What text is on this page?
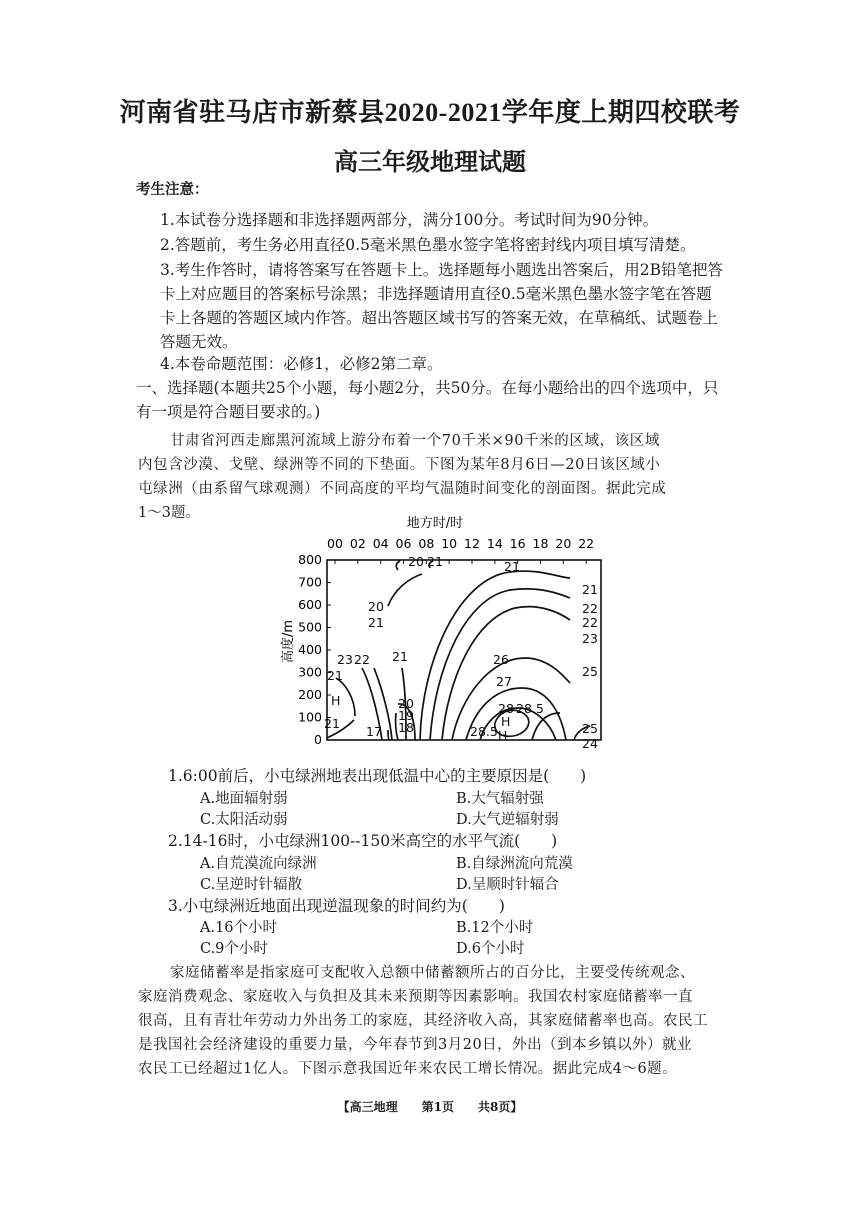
河南省驻马店市新蔡县2020-2021学年度上期四校联考
高三年级地理试题
考生注意：
1.本试卷分选择题和非选择题两部分，满分100分。考试时间为90分钟。
2.答题前，考生务必用直径0.5毫米黑色墨水签字笔将密封线内项目填写清楚。
3.考生作答时，请将答案写在答题卡上。选择题每小题选出答案后，用2B铅笔把答
卡上对应题目的答案标号涂黑；非选择题请用直径0.5毫米黑色墨水签字笔在答题
卡上各题的答题区域内作答。超出答题区域书写的答案无效，在草稿纸、试题卷上
答题无效。
4.本卷命题范围：必修1，必修2第二章。
一、选择题(本题共25个小题，每小题2分，共50分。在每小题给出的四个选项中，只
有一项是符合题目要求的。)
甘肃省河西走廊黑河流域上游分布着一个70千米×90千米的区域，该区域
内包含沙漠、戈壁、绿洲等不同的下垫面。下图为某年8月6日—20日该区域小
屯绿洲（由系留气球观测）不同高度的平均气温随时间变化的剖面图。据此完成
1～3题。
地方时/时
00 02 04 06 08 10 12 14 16 18 20 22
0
100
200
300
400
500
600
700
800
高度/m
20 21	21
20
21
21
22
22
23
23 22
21
21
H
21
26
25
27
20
19
18
17
28 28.5
H
28.5 H	25
24
1.6:00前后，小屯绿洲地表出现低温中心的主要原因是(　　)
A.地面辐射弱	B.大气辐射强
C.太阳活动弱	D.大气逆辐射弱
2.14-16时，小屯绿洲100--150米高空的水平气流(　　)
A.自荒漠流向绿洲	B.自绿洲流向荒漠
C.呈逆时针辐散	D.呈顺时针辐合
3.小屯绿洲近地面出现逆温现象的时间约为(　　)
A.16个小时	B.12个小时
C.9个小时	D.6个小时
家庭储蓄率是指家庭可支配收入总额中储蓄额所占的百分比，主要受传统观念、
家庭消费观念、家庭收入与负担及其未来预期等因素影响。我国农村家庭储蓄率一直
很高，且有青壮年劳动力外出务工的家庭，其经济收入高，其家庭储蓄率也高。农民工
是我国社会经济建设的重要力量，今年春节到3月20日，外出（到本乡镇以外）就业
农民工已经超过1亿人。下图示意我国近年来农民工增长情况。据此完成4～6题。
【高三地理　　第1页　　共8页】
